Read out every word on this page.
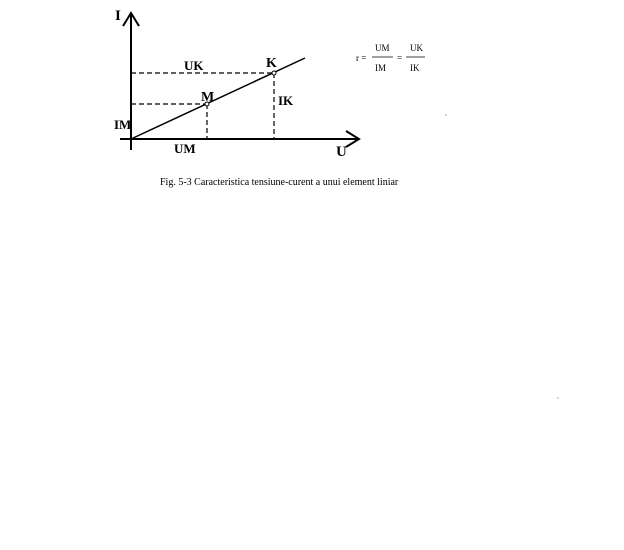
I
U
K
M
UK
IM
IK
UM
r =
UM
IM
=
UK
IK
Fig. 5-3 Caracteristica tensiune-curent a unui element liniar
